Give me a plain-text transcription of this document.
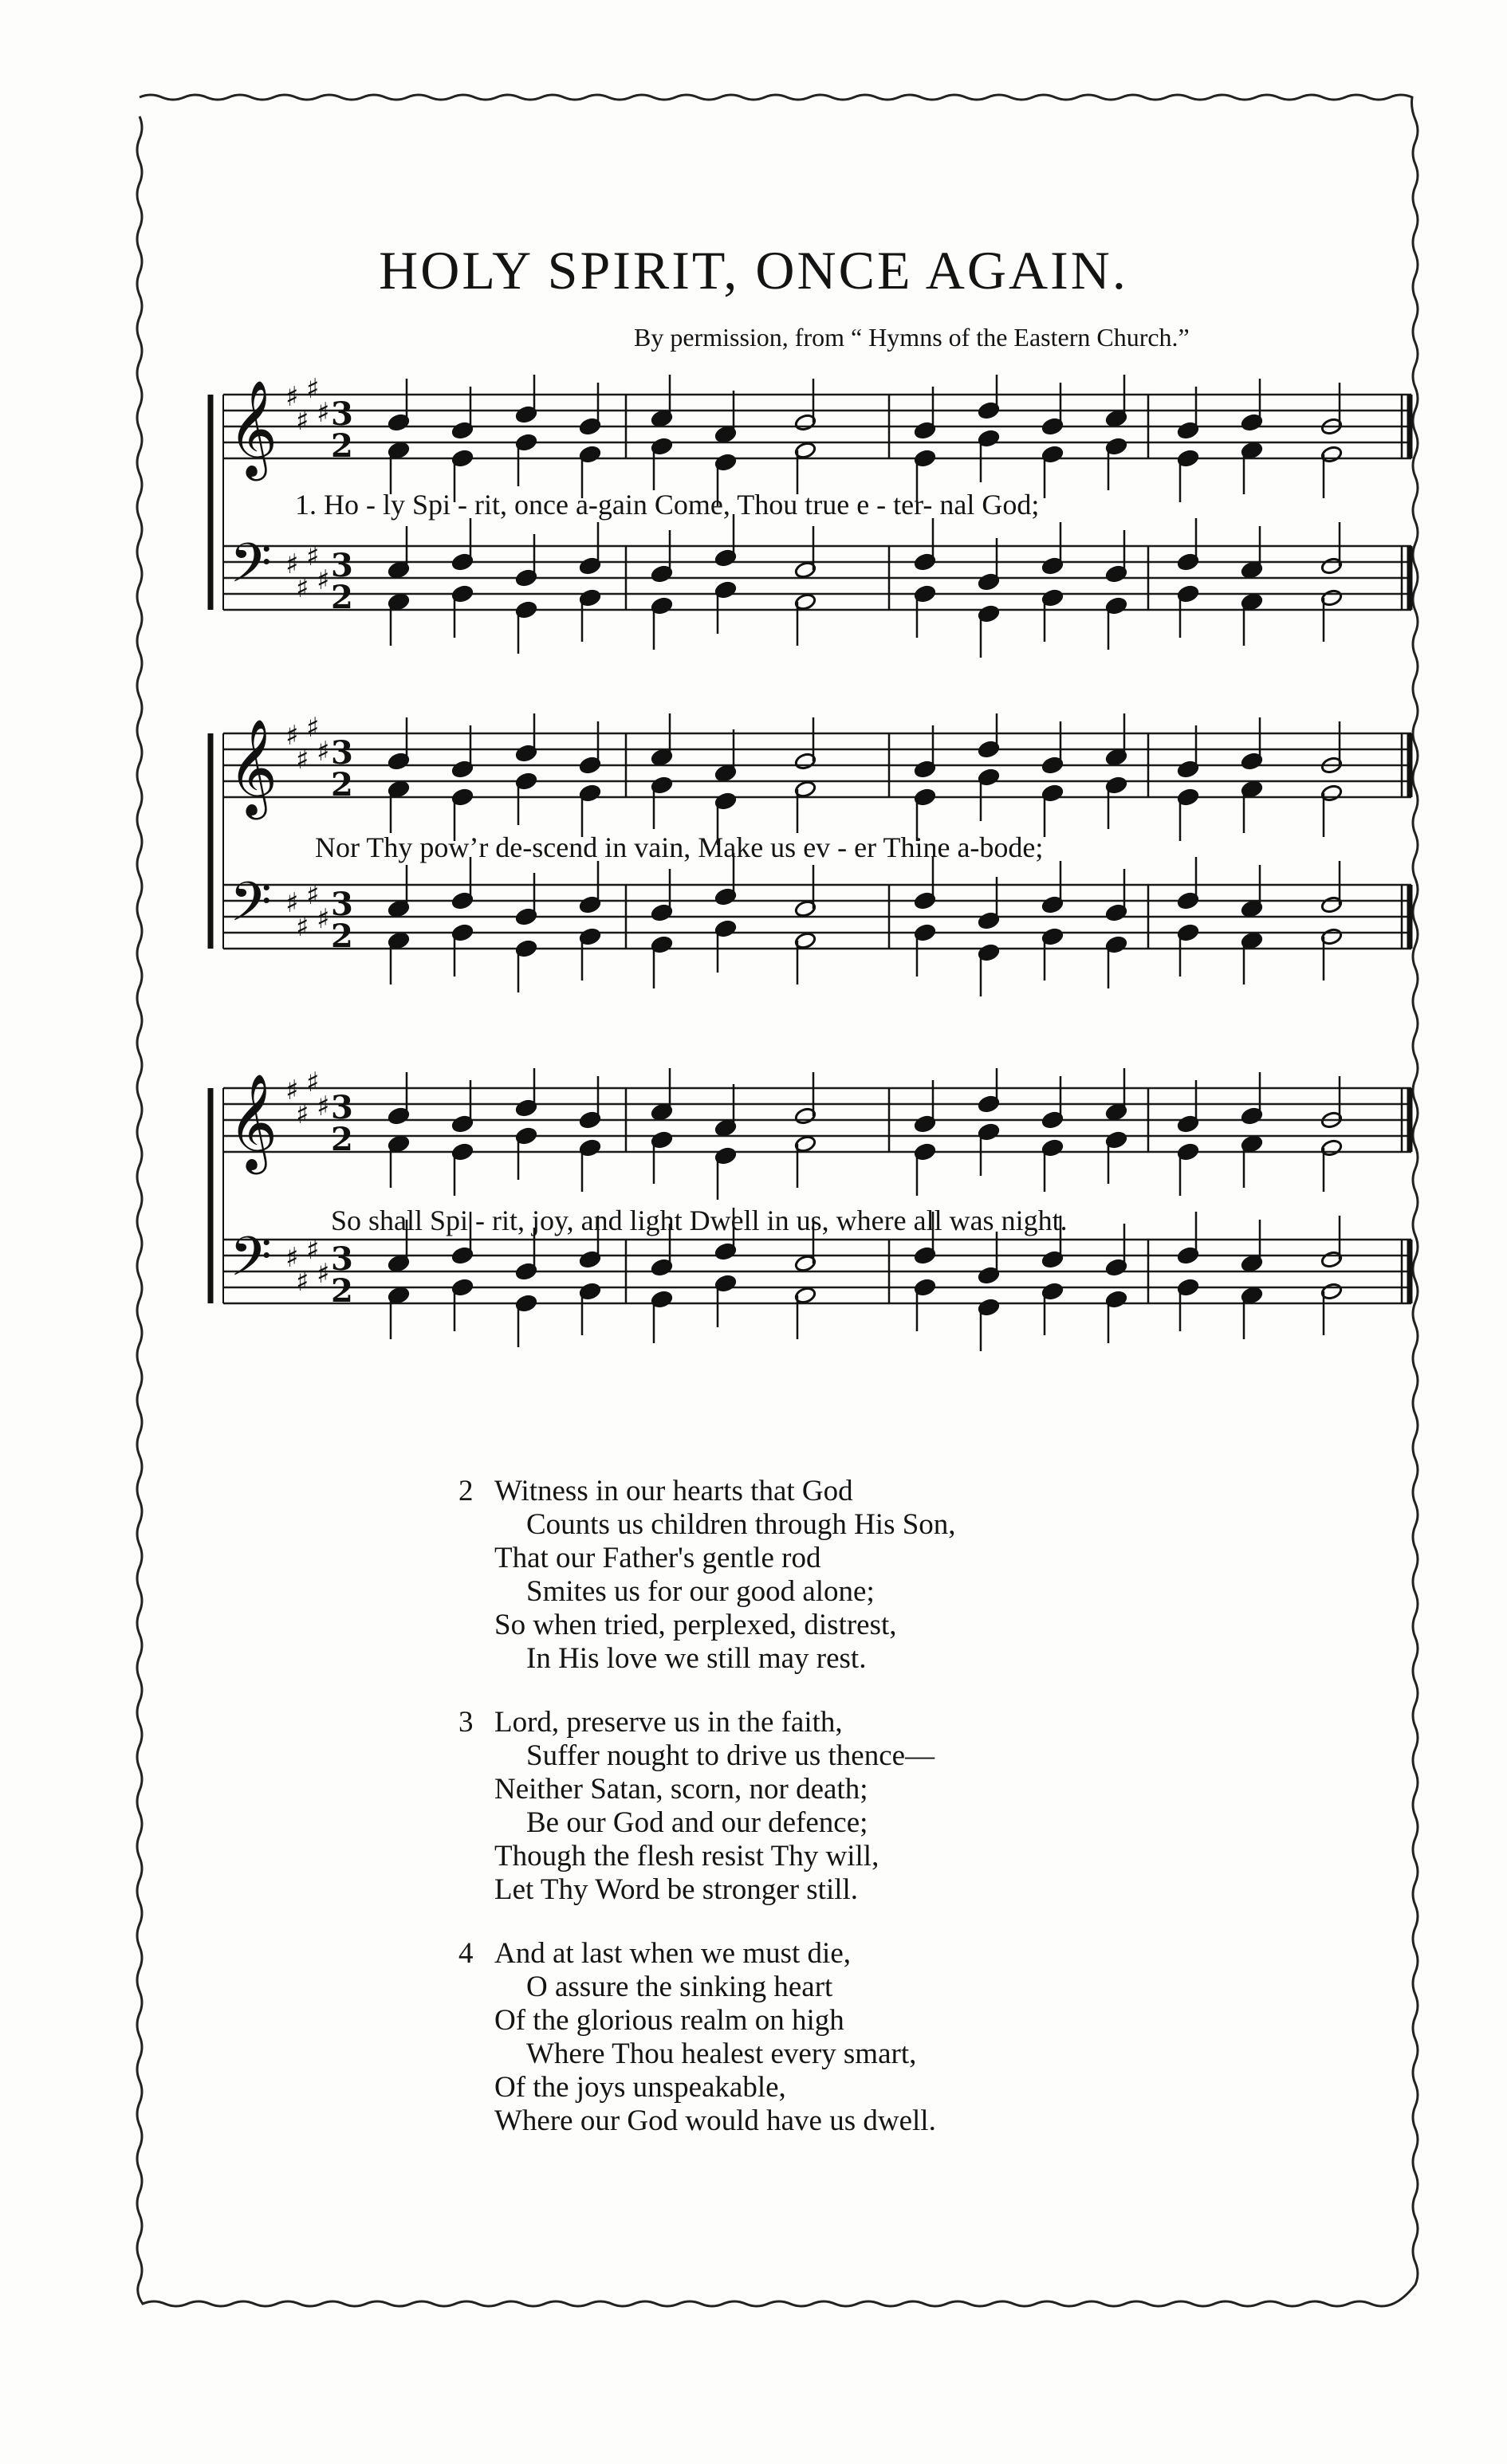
HOLY SPIRIT, ONCE AGAIN.
By permission, from “ Hymns of the Eastern Church.”
𝄞
𝄢
♯
♯
♯
♯ 3
2
♯
♯
♯
♯ 3
2
1. Ho - ly Spi - rit, once a-gain Come, Thou true e - ter- nal God;
𝄞
𝄢
♯
♯
♯
♯ 3
2
♯
♯
♯
♯ 3
2
Nor Thy pow’r de-scend in vain, Make us ev - er Thine a-bode;
𝄞
𝄢
♯
♯
♯
♯ 3
2
♯
♯
♯
♯ 3
2
So shall Spi - rit, joy, and light Dwell in us, where all was night.
2 Witness in our hearts that God
Counts us children through His Son,
That our Father's gentle rod
Smites us for our good alone;
So when tried, perplexed, distrest,
In His love we still may rest.
3 Lord, preserve us in the faith,
Suffer nought to drive us thence—
Neither Satan, scorn, nor death;
Be our God and our defence;
Though the flesh resist Thy will,
Let Thy Word be stronger still.
4 And at last when we must die,
O assure the sinking heart
Of the glorious realm on high
Where Thou healest every smart,
Of the joys unspeakable,
Where our God would have us dwell.
